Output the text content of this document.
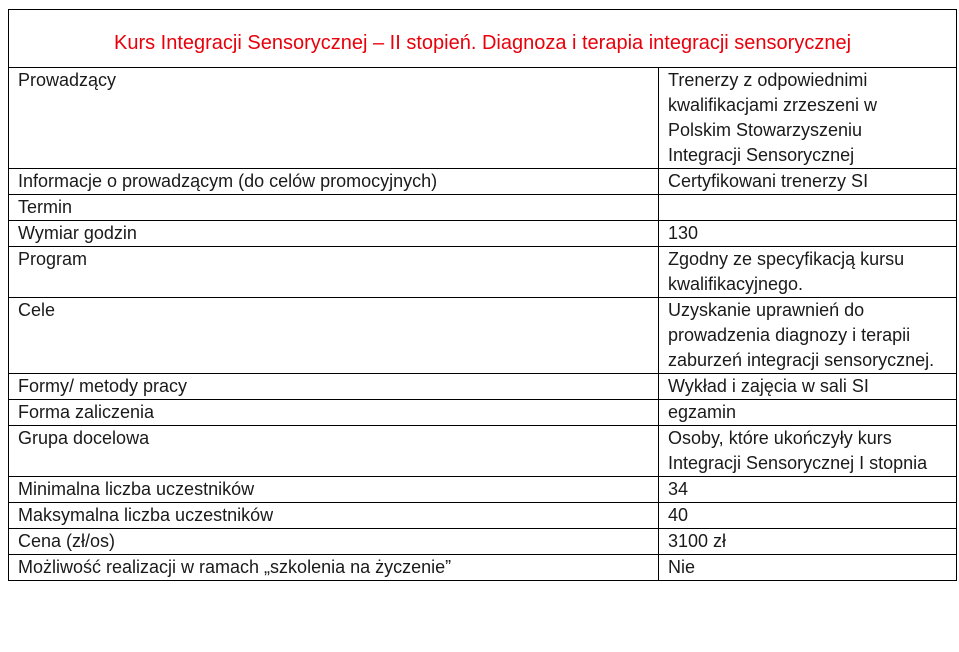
Kurs Integracji Sensorycznej – II stopień. Diagnoza i terapia integracji sensorycznej	
Prowadzący	Trenerzy z odpowiednimi kwalifikacjami zrzeszeni w Polskim Stowarzyszeniu Integracji Sensorycznej

Informacje o prowadzącym (do celów promocyjnych)	Certyfikowani trenerzy SI
Termin	
Wymiar godzin	130
Program	Zgodny ze specyfikacją kursu kwalifikacyjnego.

Cele	Uzyskanie uprawnień do prowadzenia diagnozy i terapii zaburzeń integracji sensorycznej.

Formy/ metody pracy	Wykład i zajęcia w sali SI
Forma zaliczenia	egzamin
Grupa docelowa	Osoby, które ukończyły kurs Integracji Sensorycznej I stopnia

Minimalna liczba uczestników	34
Maksymalna liczba uczestników	40
Cena (zł/os)	3100 zł
Możliwość realizacji w ramach „szkolenia na życzenie”	Nie
